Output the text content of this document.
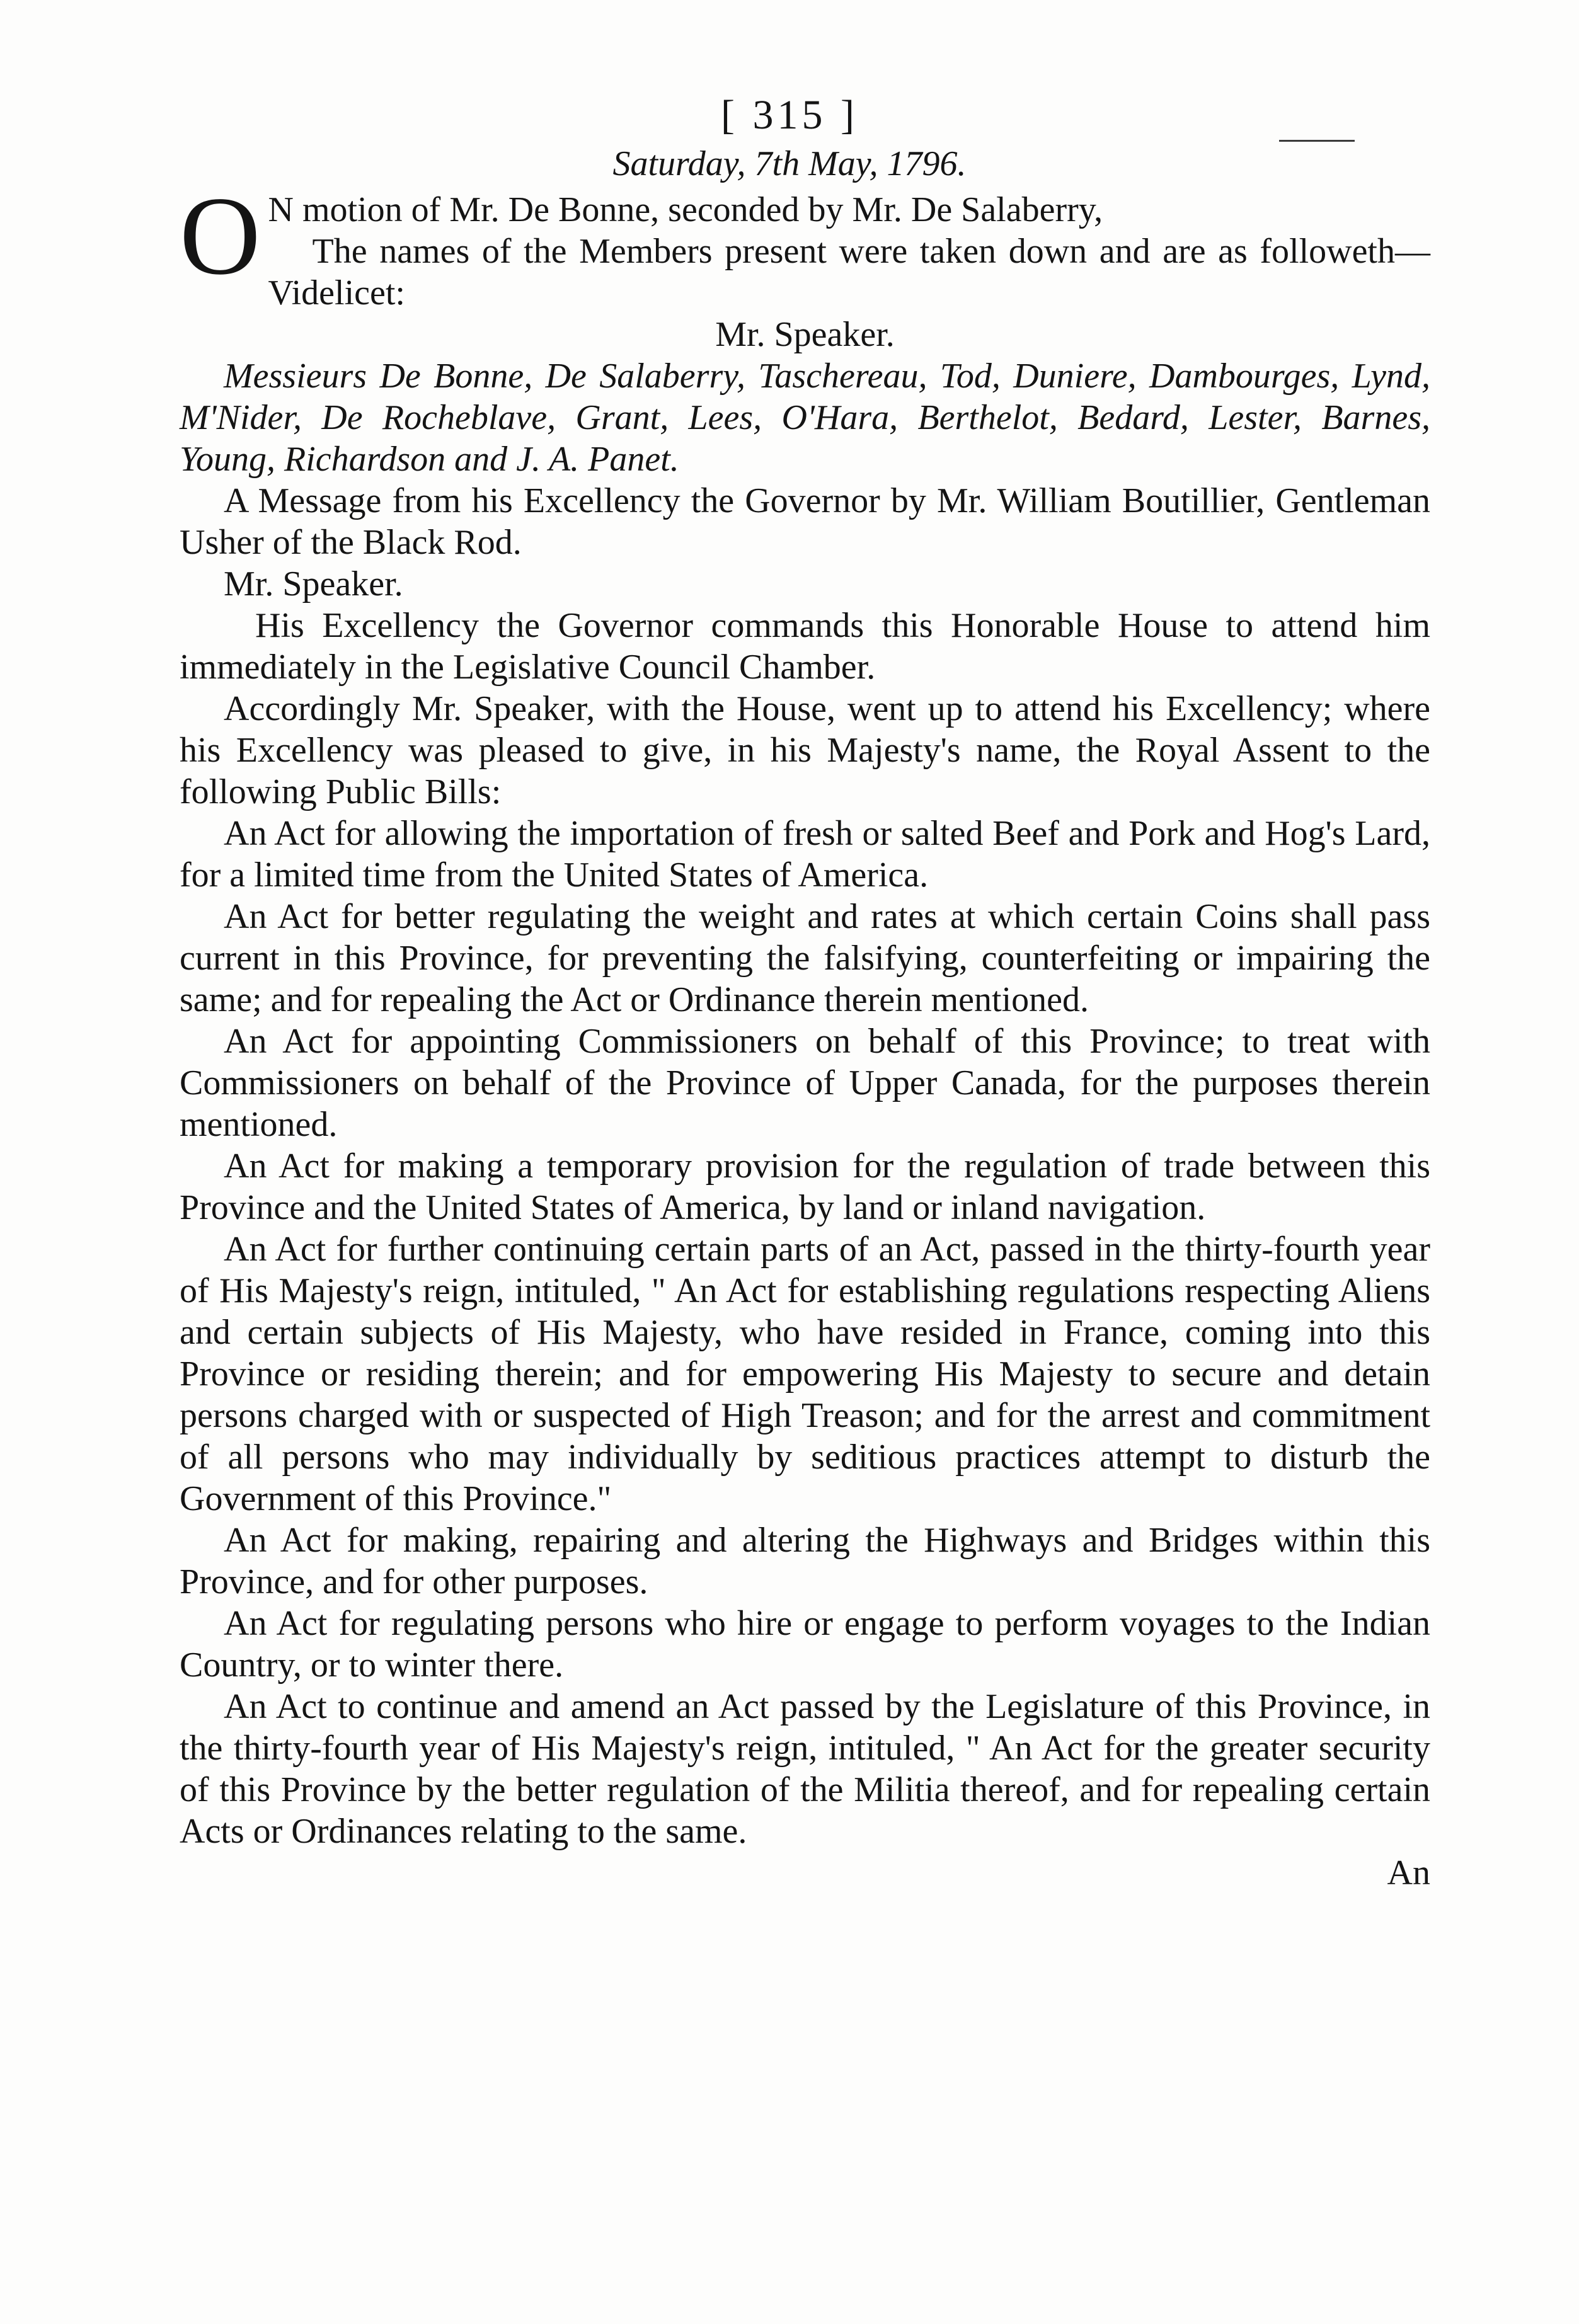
[ 315 ]
Saturday, 7th May, 1796.

O N motion of Mr. De Bonne, seconded by Mr. De Salaberry,

The names of the Members present were taken down and are as followeth—Videlicet:

Mr. Speaker.

Messieurs De Bonne, De Salaberry, Taschereau, Tod, Duniere, Dambourges, Lynd, M'Nider, De Rocheblave, Grant, Lees, O'Hara, Berthelot, Bedard, Lester, Barnes, Young, Richardson and J. A. Panet.

A Message from his Excellency the Governor by Mr. William Boutillier, Gentleman Usher of the Black Rod.

Mr. Speaker.

His Excellency the Governor commands this Honorable House to attend him immediately in the Legislative Council Chamber.

Accordingly Mr. Speaker, with the House, went up to attend his Excellency; where his Excellency was pleased to give, in his Majesty's name, the Royal Assent to the following Public Bills:

An Act for allowing the importation of fresh or salted Beef and Pork and Hog's Lard, for a limited time from the United States of America.

An Act for better regulating the weight and rates at which certain Coins shall pass current in this Province, for preventing the falsifying, counterfeiting or impairing the same; and for repealing the Act or Ordinance therein mentioned.

An Act for appointing Commissioners on behalf of this Province; to treat with Commissioners on behalf of the Province of Upper Canada, for the purposes therein mentioned.

An Act for making a temporary provision for the regulation of trade between this Province and the United States of America, by land or inland navigation.

An Act for further continuing certain parts of an Act, passed in the thirty-fourth year of His Majesty's reign, intituled, " An Act for establishing regulations respecting Aliens and certain subjects of His Majesty, who have resided in France, coming into this Province or residing therein; and for empowering His Majesty to secure and detain persons charged with or suspected of High Treason; and for the arrest and commitment of all persons who may individually by seditious practices attempt to disturb the Government of this Province."

An Act for making, repairing and altering the Highways and Bridges within this Province, and for other purposes.

An Act for regulating persons who hire or engage to perform voyages to the Indian Country, or to winter there.

An Act to continue and amend an Act passed by the Legislature of this Province, in the thirty-fourth year of His Majesty's reign, intituled, " An Act for the greater security of this Province by the better regulation of the Militia thereof, and for repealing certain Acts or Ordinances relating to the same.

An
